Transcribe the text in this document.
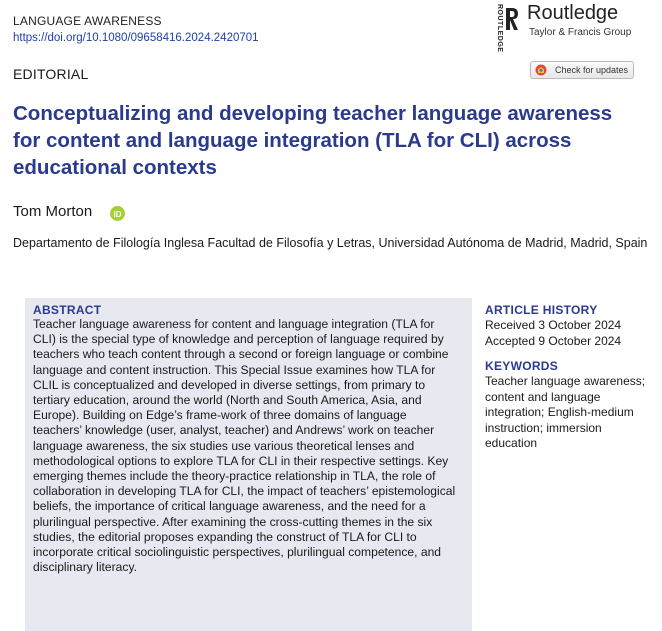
LANGUAGE AWARENESS
https://doi.org/10.1080/09658416.2024.2420701	ROUTLEDGE Routledge
Taylor & Francis Group
EDITORIAL	Check for updates
Conceptualizing and developing teacher language awareness for content and language integration (TLA for CLI) across educational contexts
Tom Morton	iD
Departamento de Filología Inglesa Facultad de Filosofía y Letras, Universidad Autónoma de Madrid, Madrid, Spain

ABSTRACT

Teacher language awareness for content and language integration (TLA for CLI) is the special type of knowledge and perception of language required by teachers who teach content through a second or foreign language or combine language and content instruction. This Special Issue examines how TLA for CLIL is conceptualized and developed in diverse settings, from primary to tertiary education, around the world (North and South America, Asia, and Europe). Building on Edge’s frame-work of three domains of language teachers’ knowledge (user, analyst, teacher) and Andrews’ work on teacher language awareness, the six studies use various theoretical lenses and methodological options to explore TLA for CLI in their respective settings. Key emerging themes include the theory-practice relationship in TLA, the role of collaboration in developing TLA for CLI, the impact of teachers’ epistemological beliefs, the importance of critical language awareness, and the need for a plurilingual perspective. After examining the cross-cutting themes in the six studies, the editorial proposes expanding the construct of TLA for CLI to incorporate critical sociolinguistic perspectives, plurilingual competence, and disciplinary literacy.

ARTICLE HISTORY

Received 3 October 2024

Accepted 9 October 2024

KEYWORDS

Teacher language awareness; content and language integration; English-medium instruction; immersion education
